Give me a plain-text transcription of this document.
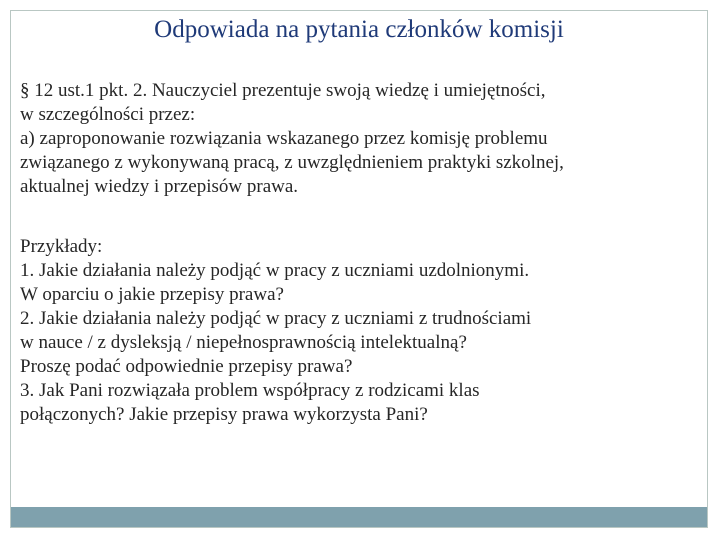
Odpowiada na pytania członków komisji
§ 12 ust.1 pkt. 2. Nauczyciel prezentuje swoją wiedzę i umiejętności,
w szczególności przez:
a) zaproponowanie rozwiązania wskazanego przez komisję problemu
związanego z wykonywaną pracą, z uwzględnieniem praktyki szkolnej,
aktualnej wiedzy i przepisów prawa.
Przykłady:
1. Jakie działania należy podjąć w pracy z uczniami uzdolnionymi.
W oparciu o jakie przepisy prawa?
2. Jakie działania należy podjąć w pracy z uczniami z trudnościami
w nauce / z dysleksją / niepełnosprawnością intelektualną?
Proszę podać odpowiednie przepisy prawa?
3. Jak Pani rozwiązała problem współpracy z rodzicami klas
połączonych? Jakie przepisy prawa wykorzysta Pani?
